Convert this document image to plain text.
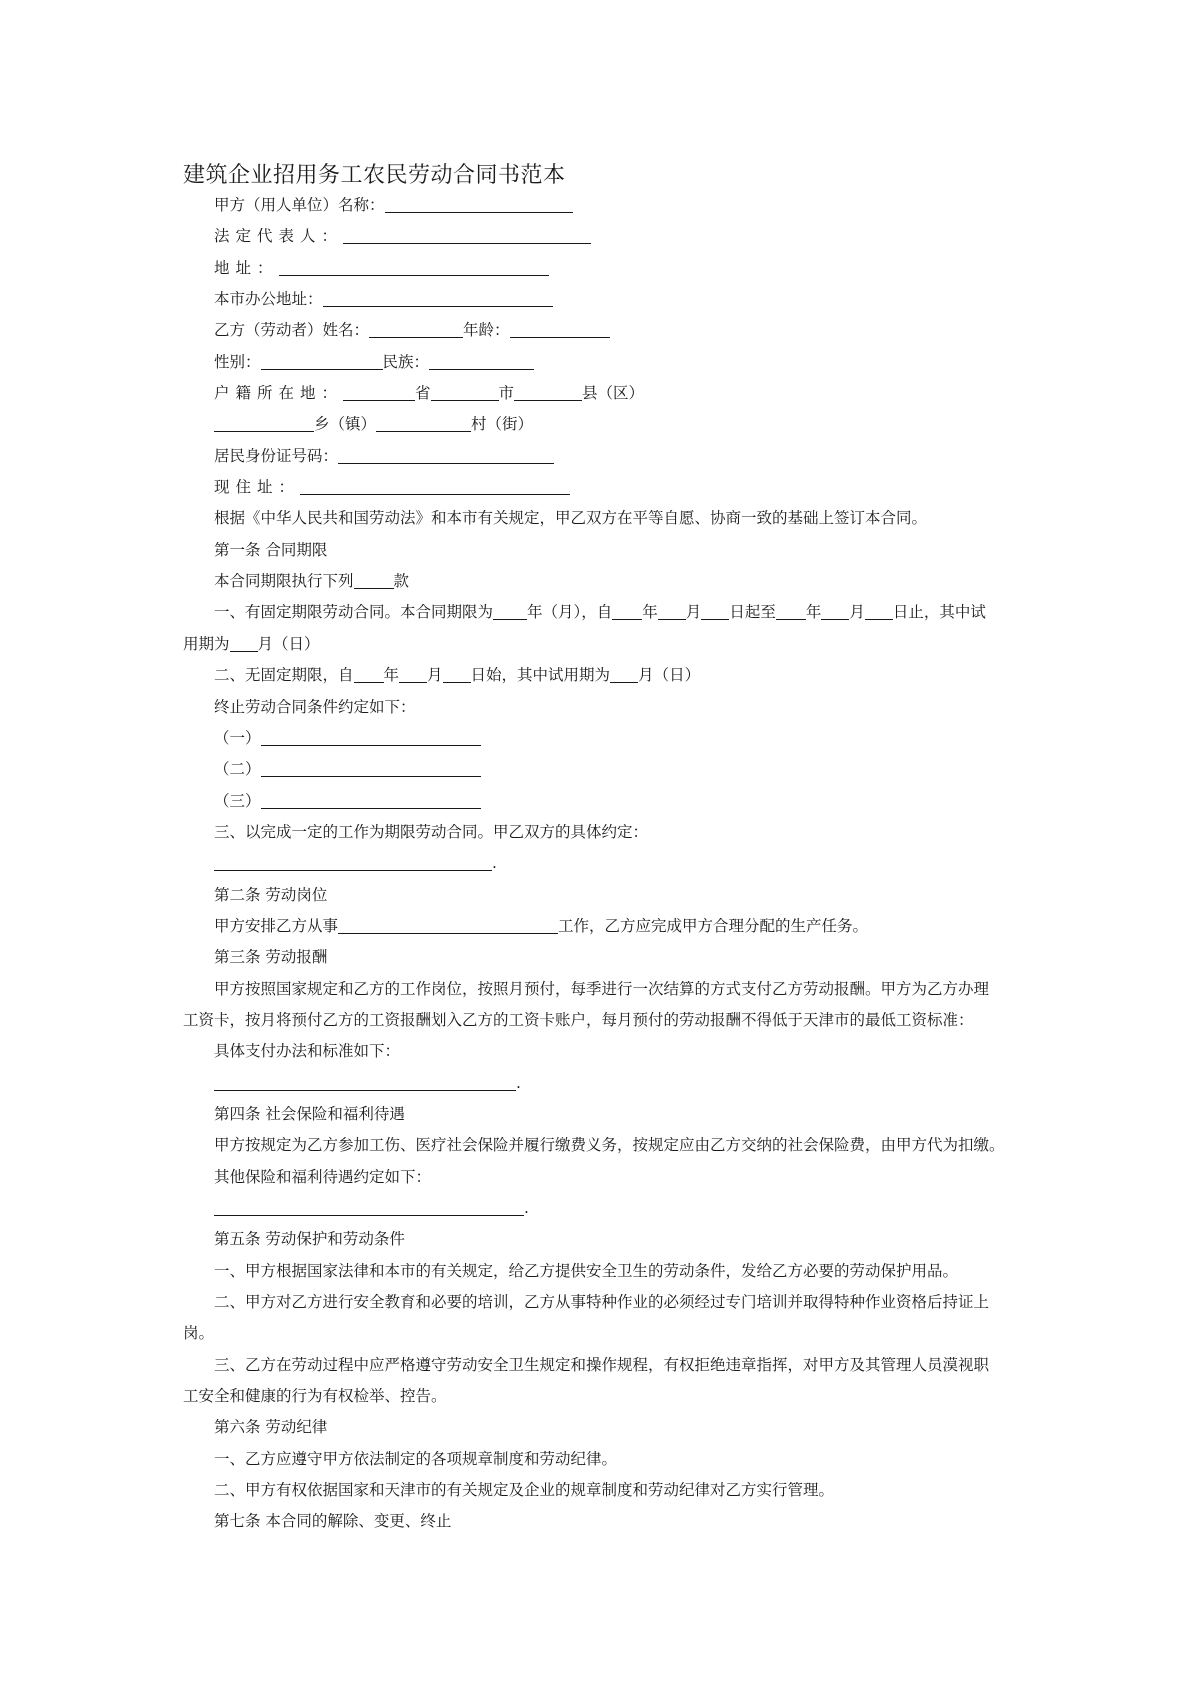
建筑企业招用务工农民劳动合同书范本
甲方（用人单位）名称：
法定代表人：
地址：
本市办公地址：
乙方（劳动者）姓名：	年龄：
性别：	民族：
户籍所在地：	省	市	县（区）
乡（镇）	村（街）
居民身份证号码：
现住址：
根据《中华人民共和国劳动法》和本市有关规定，甲乙双方在平等自愿、协商一致的基础上签订本合同。
第一条 合同期限
本合同期限执行下列	款
一、有固定期限劳动合同。本合同期限为 年（月），自 年 月 日起至 年 月 日止，其中试
用期为 月（日）
二、无固定期限，自 年 月 日始，其中试用期为 月（日）
终止劳动合同条件约定如下：
（一）
（二）
（三）
三、以完成一定的工作为期限劳动合同。甲乙双方的具体约定：
.
第二条 劳动岗位
甲方安排乙方从事	工作，乙方应完成甲方合理分配的生产任务。
第三条 劳动报酬
甲方按照国家规定和乙方的工作岗位，按照月预付，每季进行一次结算的方式支付乙方劳动报酬。甲方为乙方办理
工资卡，按月将预付乙方的工资报酬划入乙方的工资卡账户，每月预付的劳动报酬不得低于天津市的最低工资标准：
具体支付办法和标准如下：
.
第四条 社会保险和福利待遇
甲方按规定为乙方参加工伤、医疗社会保险并履行缴费义务，按规定应由乙方交纳的社会保险费，由甲方代为扣缴。
其他保险和福利待遇约定如下：
.
第五条 劳动保护和劳动条件
一、甲方根据国家法律和本市的有关规定，给乙方提供安全卫生的劳动条件，发给乙方必要的劳动保护用品。
二、甲方对乙方进行安全教育和必要的培训，乙方从事特种作业的必须经过专门培训并取得特种作业资格后持证上
岗。
三、乙方在劳动过程中应严格遵守劳动安全卫生规定和操作规程，有权拒绝违章指挥，对甲方及其管理人员漠视职
工安全和健康的行为有权检举、控告。
第六条 劳动纪律
一、乙方应遵守甲方依法制定的各项规章制度和劳动纪律。
二、甲方有权依据国家和天津市的有关规定及企业的规章制度和劳动纪律对乙方实行管理。
第七条 本合同的解除、变更、终止
